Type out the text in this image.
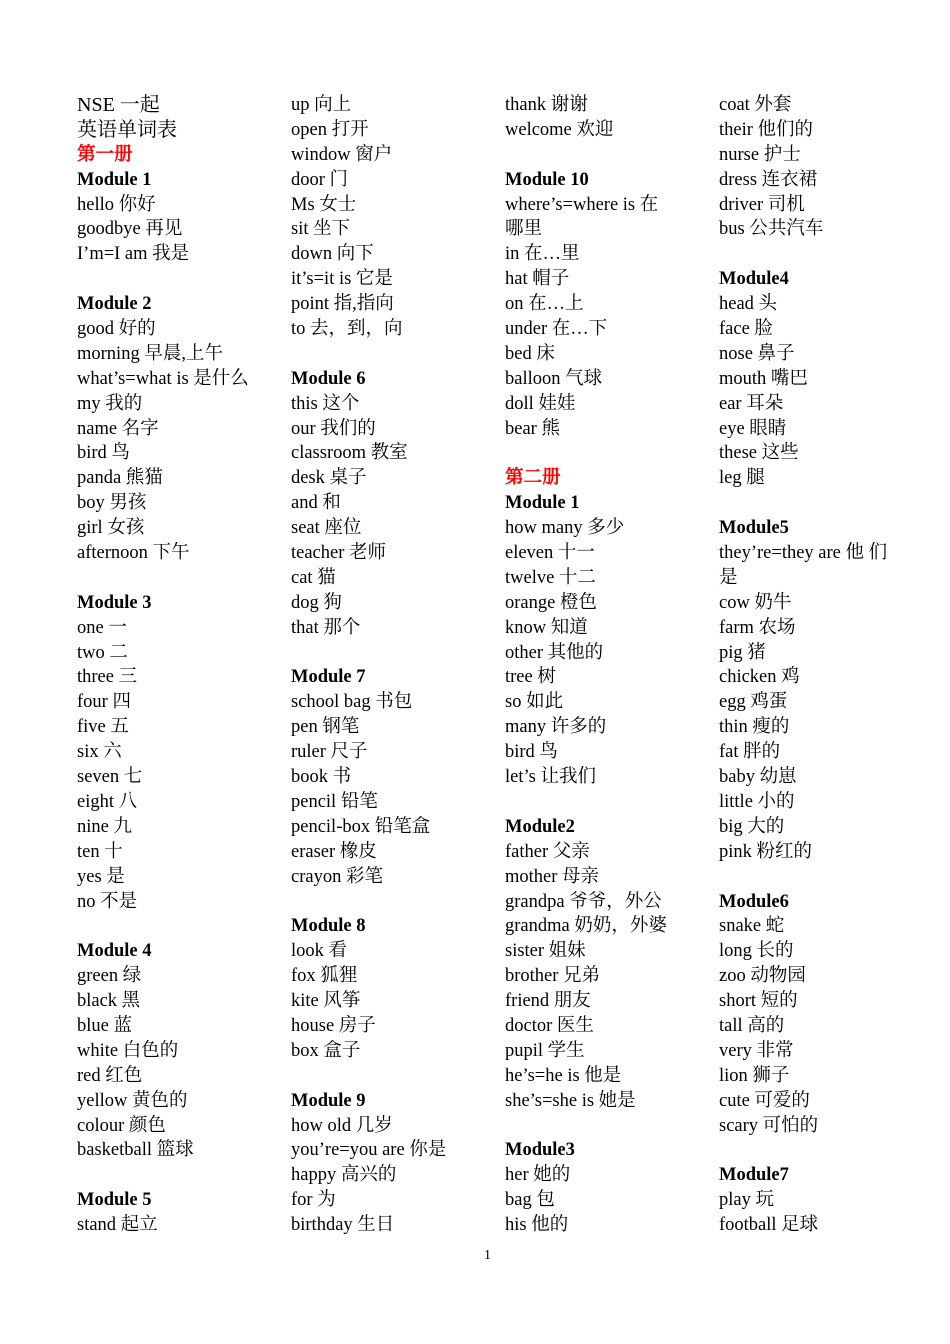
NSE 一起
英语单词表
第一册
Module 1
hello 你好
goodbye 再见
I’m=I am 我是
Module 2
good 好的
morning 早晨,上午
what’s=what is 是什么
my 我的
name 名字
bird 鸟
panda 熊猫
boy 男孩
girl 女孩
afternoon 下午
Module 3
one 一
two 二
three 三
four 四
five 五
six 六
seven 七
eight 八
nine 九
ten 十
yes 是
no 不是
Module 4
green 绿
black 黑
blue 蓝
white 白色的
red 红色
yellow 黄色的
colour 颜色
basketball 篮球
Module 5
stand 起立
up 向上
open 打开
window 窗户
door 门
Ms 女士
sit 坐下
down 向下
it’s=it is 它是
point 指,指向
to 去，到，向
Module 6
this 这个
our 我们的
classroom 教室
desk 桌子
and 和
seat 座位
teacher 老师
cat 猫
dog 狗
that 那个
Module 7
school bag 书包
pen 钢笔
ruler 尺子
book 书
pencil 铅笔
pencil-box 铅笔盒
eraser 橡皮
crayon 彩笔
Module 8
look 看
fox 狐狸
kite 风筝
house 房子
box 盒子
Module 9
how old 几岁
you’re=you are 你是
happy 高兴的
for 为
birthday 生日
thank 谢谢
welcome 欢迎
Module 10
where’s=where is 在
哪里
in 在…里
hat 帽子
on 在…上
under 在…下
bed 床
balloon 气球
doll 娃娃
bear 熊
第二册
Module 1
how many 多少
eleven 十一
twelve 十二
orange 橙色
know 知道
other 其他的
tree 树
so 如此
many 许多的
bird 鸟
let’s 让我们
Module2
father 父亲
mother 母亲
grandpa 爷爷，外公
grandma 奶奶，外婆
sister 姐妹
brother 兄弟
friend 朋友
doctor 医生
pupil 学生
he’s=he is 他是
she’s=she is 她是
Module3
her 她的
bag 包
his 他的
coat 外套
their 他们的
nurse 护士
dress 连衣裙
driver 司机
bus 公共汽车
Module4
head 头
face 脸
nose 鼻子
mouth 嘴巴
ear 耳朵
eye 眼睛
these 这些
leg 腿
Module5
they’re=they are 他 们
是
cow 奶牛
farm 农场
pig 猪
chicken 鸡
egg 鸡蛋
thin 瘦的
fat 胖的
baby 幼崽
little 小的
big 大的
pink 粉红的
Module6
snake 蛇
long 长的
zoo 动物园
short 短的
tall 高的
very 非常
lion 狮子
cute 可爱的
scary 可怕的
Module7
play 玩
football 足球
1
